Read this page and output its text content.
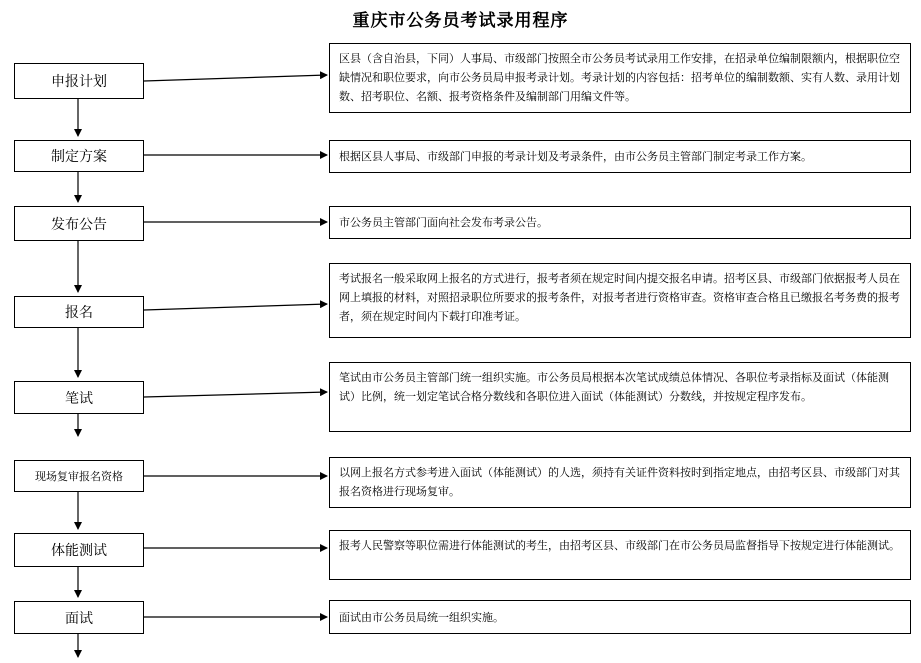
重庆市公务员考试录用程序
申报计划
制定方案
发布公告
报名
笔试
现场复审报名资格
体能测试
面试
区县（含自治县，下同）人事局、市级部门按照全市公务员考试录用工作安排，在招录单位编制限额内，根据职位空缺情况和职位要求，向市公务员局申报考录计划。考录计划的内容包括：招考单位的编制数额、实有人数、录用计划数、招考职位、名额、报考资格条件及编制部门用编文件等。
根据区县人事局、市级部门申报的考录计划及考录条件，由市公务员主管部门制定考录工作方案。
市公务员主管部门面向社会发布考录公告。
考试报名一般采取网上报名的方式进行，报考者须在规定时间内提交报名申请。招考区县、市级部门依据报考人员在网上填报的材料，对照招录职位所要求的报考条件，对报考者进行资格审查。资格审查合格且已缴报名考务费的报考者，须在规定时间内下载打印准考证。
笔试由市公务员主管部门统一组织实施。市公务员局根据本次笔试成绩总体情况、各职位考录指标及面试（体能测试）比例，统一划定笔试合格分数线和各职位进入面试（体能测试）分数线，并按规定程序发布。
以网上报名方式参考进入面试（体能测试）的人选，须持有关证件资料按时到指定地点，由招考区县、市级部门对其报名资格进行现场复审。
报考人民警察等职位需进行体能测试的考生，由招考区县、市级部门在市公务员局监督指导下按规定进行体能测试。
面试由市公务员局统一组织实施。
